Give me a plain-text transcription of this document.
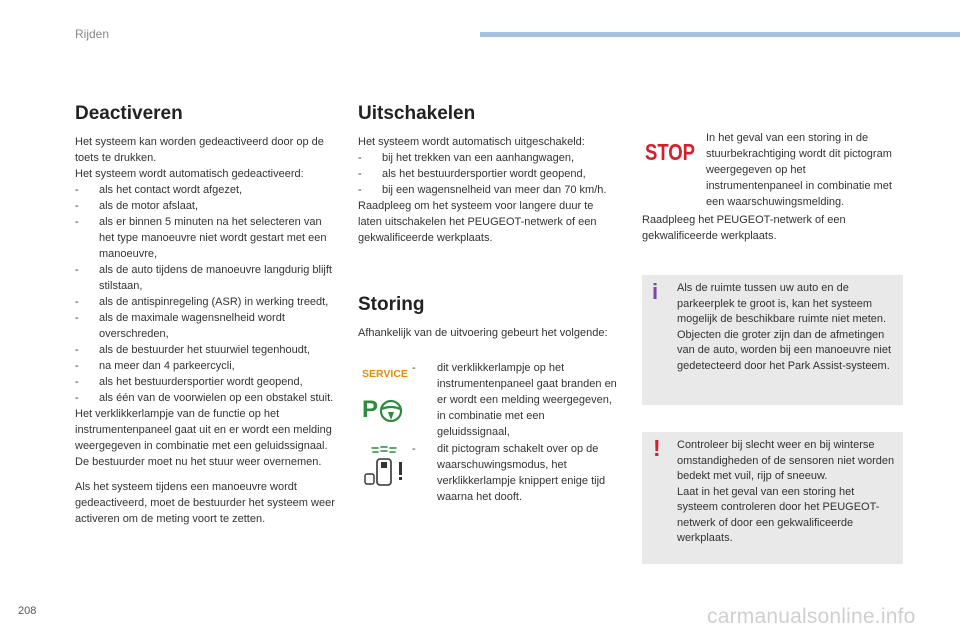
Rijden
Deactiveren

Het systeem kan worden gedeactiveerd door op de toets te drukken.

Het systeem wordt automatisch gedeactiveerd:

- als het contact wordt afgezet,
- als de motor afslaat,
- als er binnen 5 minuten na het selecteren van het type manoeuvre niet wordt gestart met een manoeuvre,
- als de auto tijdens de manoeuvre langdurig blijft stilstaan,
- als de antispinregeling (ASR) in werking treedt,
- als de maximale wagensnelheid wordt overschreden,
- als de bestuurder het stuurwiel tegenhoudt,
- na meer dan 4 parkeercycli,
- als het bestuurdersportier wordt geopend,
- als één van de voorwielen op een obstakel stuit.

Het verklikkerlampje van de functie op het instrumentenpaneel gaat uit en er wordt een melding weergegeven in combinatie met een geluidssignaal.

De bestuurder moet nu het stuur weer overnemen.

Als het systeem tijdens een manoeuvre wordt gedeactiveerd, moet de bestuurder het systeem weer activeren om de meting voort te zetten.

Uitschakelen

Het systeem wordt automatisch uitgeschakeld:

- bij het trekken van een aanhangwagen,
- als het bestuurdersportier wordt geopend,
- bij een wagensnelheid van meer dan 70 km/h.

Raadpleeg om het systeem voor langere duur te laten uitschakelen het PEUGEOT-netwerk of een gekwalificeerde werkplaats.

Storing

Afhankelijk van de uitvoering gebeurt het volgende:

SERVICE
P
- dit verklikkerlampje op het instrumentenpaneel gaat branden en er wordt een melding weergegeven, in combinatie met een geluidssignaal,
- dit pictogram schakelt over op de waarschuwingsmodus, het verklikkerlampje knippert enige tijd waarna het dooft.
STOP

In het geval van een storing in de stuurbekrachtiging wordt dit pictogram weergegeven op het instrumentenpaneel in combinatie met een waarschuwingsmelding.

Raadpleeg het PEUGEOT-netwerk of een gekwalificeerde werkplaats.

i Als de ruimte tussen uw auto en de parkeerplek te groot is, kan het systeem mogelijk de beschikbare ruimte niet meten.
Objecten die groter zijn dan de afmetingen van de auto, worden bij een manoeuvre niet gedetecteerd door het Park Assist-systeem.
! Controleer bij slecht weer en bij winterse omstandigheden of de sensoren niet worden bedekt met vuil, rijp of sneeuw.
Laat in het geval van een storing het systeem controleren door het PEUGEOT-netwerk of door een gekwalificeerde werkplaats.
208	carmanualsonline.info
